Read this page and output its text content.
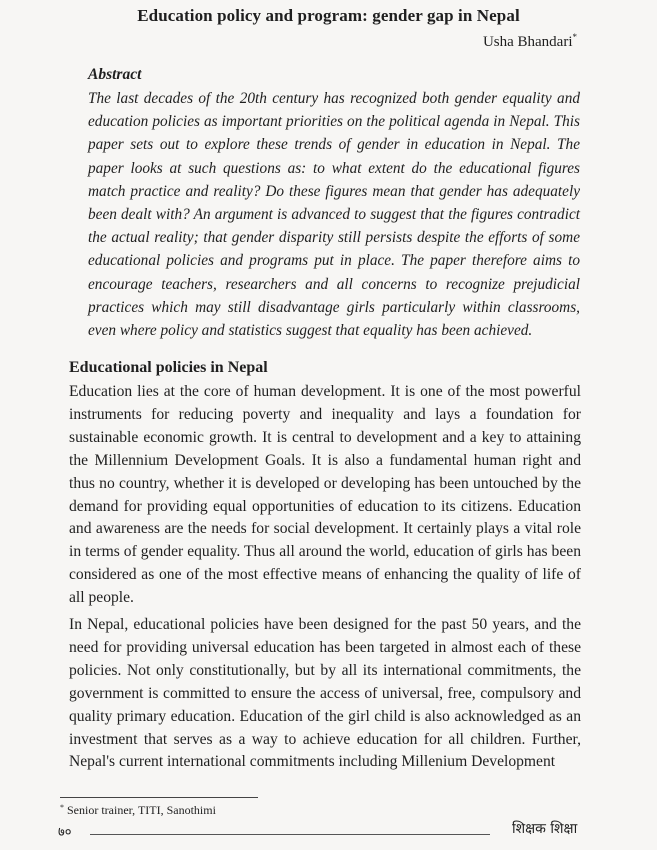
Education policy and program: gender gap in Nepal
Usha Bhandari*
Abstract

The last decades of the 20th century has recognized both gender equality and education policies as important priorities on the political agenda in Nepal. This paper sets out to explore these trends of gender in education in Nepal. The paper looks at such questions as: to what extent do the educational figures match practice and reality? Do these figures mean that gender has adequately been dealt with? An argument is advanced to suggest that the figures contradict the actual reality; that gender disparity still persists despite the efforts of some educational policies and programs put in place. The paper therefore aims to encourage teachers, researchers and all concerns to recognize prejudicial practices which may still disadvantage girls particularly within classrooms, even where policy and statistics suggest that equality has been achieved.

Educational policies in Nepal

Education lies at the core of human development. It is one of the most powerful instruments for reducing poverty and inequality and lays a foundation for sustainable economic growth. It is central to development and a key to attaining the Millennium Development Goals. It is also a fundamental human right and thus no country, whether it is developed or developing has been untouched by the demand for providing equal opportunities of education to its citizens. Education and awareness are the needs for social development. It certainly plays a vital role in terms of gender equality. Thus all around the world, education of girls has been considered as one of the most effective means of enhancing the quality of life of all people.

In Nepal, educational policies have been designed for the past 50 years, and the need for providing universal education has been targeted in almost each of these policies. Not only constitutionally, but by all its international commitments, the government is committed to ensure the access of universal, free, compulsory and quality primary education. Education of the girl child is also acknowledged as an investment that serves as a way to achieve education for all children. Further, Nepal's current international commitments including Millenium Development

* Senior trainer, TITI, Sanothimi
७०	शिक्षक शिक्षा
